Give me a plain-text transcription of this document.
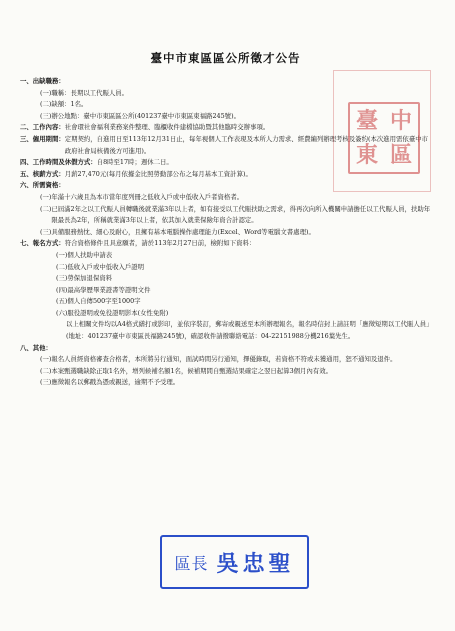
臺 中
東 區
臺中市東區區公所徵才公告
一、出缺職務：
(一) 職稱：長期以工代賑人員。
(二) 缺額：1名。
(三) 辦公地點：臺中市東區區公所(401237臺中市東區東福路245號)。
二、工作內容： 社會環社會福利業務案件整理、臨櫃收件建檔協助暨其他臨時交辦事項。
三、僱用期間： 定期契約，自進用日至113年12月31日止，每年視個人工作表現及本所人力需求、經費編列辦理考核及簽約(本次進用需依臺中市政府社會局核備後方可進用)。
四、工作時間及休假方式： 自8時至17時；週休二日。
五、核薪方式： 月薪27,470元(每月依據金比照勞動部公布之每月基本工資計算)。
六、所需資格：
(一) 年滿十六歲且為本市當年度列冊之低收入戶或中低收入戶者資格者。
(二) 已屆滿2年之以工代賑人員轉職後就業滿3年以上者，如有接受以工代賑扶助之需求，得再次向所入機關申請擔任以工代賑人員，扶助年限最長為2年，所稱就業滿3年以上者，依其加入就業保險年資合計認定。
(三) 具備服務熱忱、細心及耐心，且擁有基本電腦操作處理能力(Excel、Word等電腦文書處理)。
七、報名方式： 符合資格條件且具意願者，請於113年2月27日前，檢附如下資料：
(一)個人扶助申請表
(二)低收入戶或中低收入戶證明
(三)勞保加退保資料
(四)最高學歷畢業證書等證明文件
(五)個人自傳500字至1000字
(六)服役證明或免役證明影本(女性免附)
以上相關文件均以A4格式繕打或影印，並依序裝訂，郵寄或親送至本所辦理報名，報名時信封上請註明「應徵短期以工代賑人員」(地址：401237臺中市東區長福路245號)，確認收件請撥聯絡電話：04-22151988分機216葉先生。
八、其他：
(一) 報名人員經資格審查合格者，本所將另行通知，面試時間另行通知，擇優錄取，若資格不符或未獲通用，恕不通知及退件。
(二) 本案甄選職缺除正取1名外，增列候補名額1名，候補期間自甄選結果確定之翌日起算3個月內有效。
(三) 應徵報名以郵戳為憑或親送，逾期不予受理。
區長 吳忠聖
